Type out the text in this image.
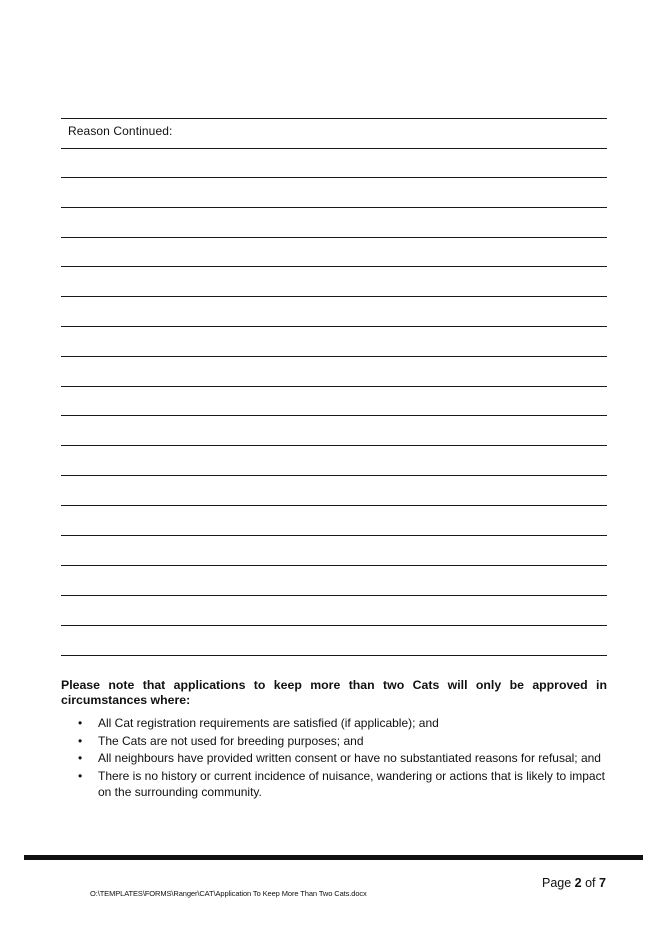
Reason Continued:
Please note that applications to keep more than two Cats will only be approved in circumstances where:
• All Cat registration requirements are satisfied (if applicable); and
• The Cats are not used for breeding purposes; and
• All neighbours have provided written consent or have no substantiated reasons for refusal; and
• There is no history or current incidence of nuisance, wandering or actions that is likely to impact on the surrounding community.
Page 2 of 7
O:\TEMPLATES\FORMS\Ranger\CAT\Application To Keep More Than Two Cats.docx
